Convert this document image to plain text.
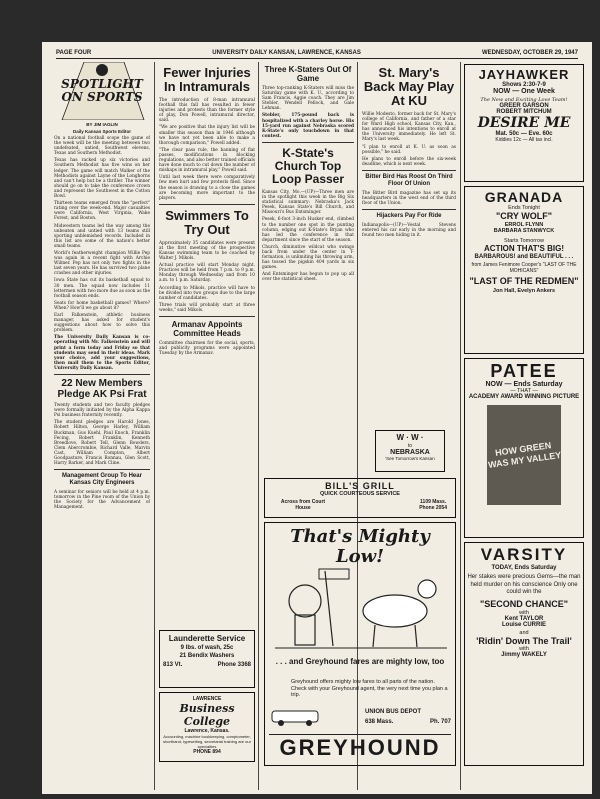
PAGE FOUR	UNIVERSITY DAILY KANSAN, LAWRENCE, KANSAS	WEDNESDAY, OCTOBER 29, 1947
SPOTLIGHT ON SPORTS
BY JIM IAGLIN
Daily Kansan Sports Editor

On a national football scope the game of the week will be the meeting between two undefeated, untied, Southwest elevens, Texas and Southern Methodist.

Texas has racked up six victories and Southern Methodist has five wins on her ledger. The game will match Walker of the Methodists against Layne of the Longhorns and can't help but be a thriller. The winner should go on to take the conference crown and represent the Southwest in the Cotton Bowl.

Thirteen teams emerged from the "perfect" rating over the week-end. Major casualties were California, West Virginia, Wake Forest, and Boston.

Midwestern teams led the way among the unbeaten and untied with 13 teams still sporting unblemished records. Included in this list are some of the nation's better small teams.

World's featherweight champion Willie Pep was again in a recent fight with Archie Wilmer. Pep has not only two fights in the last seven years. He has survived two plane crashes and other injuries.

Iowa State has cut its basketball squad to 30 men. The squad now includes 11 lettermen with two more due as soon as the football season ends.

Seats for home basketball games? Where? When? How'll we go about it?

Earl Falkenstein, athletic business manager, has asked for student's suggestions about how to solve this problem.

The University Daily Kansan is co-operating with Mr. Falkenstein and will print a form today and Friday so that students may send in their ideas. Mark your choice, add your suggestions, then mail them to the Sports Editor, University Daily Kansan.

22 New Members Pledge AK Psi Frat

Twenty students and two faculty pledges were formally initiated by the Alpha Kappa Psi business fraternity recently.

The student pledges are Harold Jones, Robert Hilton, George Harley, William Buckman, Gus Kuehl, Paul Enoch, Franklin Fecing, Robert Franklin, Kenneth Breedlove, Robert Tell, Glenn Bowders, Clem Abercrombie, Richard Valle, Marvin Cast, William Compton, Albert Goodpasture, Francis Ronnau, Glen Scott, Harry Barker, and Mark Cline.

Management Group To Hear Kansas City Engineers

A seminar for seniors will be held at 4 p.m. tomorrow in the Pine room of the Union by the Society for the Advancement of Management.

Fewer Injuries In Intramurals

The introduction of 8-man intramural football this fall has resulted in fewer injuries and protests than the former style of play, Don Powell, intramural director, said.

"We are positive that the injury list will be smaller this season than in 1946 although we have not yet been able to make a thorough comparison," Powell added.

"The clear pass rule, the banning of flat passes, modifications in blocking regulations, and also better trained officials have done much to cut down the number of mishaps in intramural play," Powell said.

Until last week there were comparatively few men hurt and few protests filed. Since the season is drawing to a close the games are becoming more important to the players.

Swimmers To Try Out

Approximately 35 candidates were present at the first meeting of the prospective Kansas swimming team to be coached by Walter J. Mikols.

Actual practice will start Monday night. Practices will be held from 7 p.m. to 9 p.m. Monday through Wednesday and from 10 a.m. to 1 p.m. Saturday.

According to Mikols, practice will have to be divided into two groups due to the large number of candidates.

Three trials will probably start at three weeks," said Mikols.

Armanav Appoints Committee Heads

Committee chairmen for the social, sports, and publicity programs were appointed Tuesday by the Armanav.

Launderette Service
9 lbs. of wash, 25c
21 Bendix Washers
813 Vt.	Phone 3368
LAWRENCE
Business College
Lawrence, Kansas.
Accounting, machine bookkeeping, comptometer, shorthand, typewriting, secretarial training are our specialties
PHONE 894
Three K-Staters Out Of Game

Three top-ranking K-Staters will miss the Saturday game with K. U., according to Sam Francis, Aggie coach. They are Jim Stebler, Wendell Pellock, and Gale Lehman.

Stebler, 175-pound back is hospitalized with a charley horse. His 15-yard run against Nebraska scored K-State's only touchdown in that contest.

K-State's Church Top Loop Passer

Kansas City, Mo.—(UP)—Three men are in the spotlight this week in the Big Six statistical summary: Nebraska's Jack Pesek, Kansas State's Bill Church, and Missouri's Bus Entsminger.

Pesek, 6-foot 3-inch Husker end, climbed to the number one spot in the punting column, edging out K-State's Bryan who has led the conference in that department since the start of the season.

Church, diminutive wildcat who swings back from under the center in T-formation, is unlimiting his throwing arm, has tossed the pigskin 404 yards in six games.

And Entsminger has begun to pop up all over the statistical sheet.

St. Mary's Back May Play At KU

Willie Modesto, former back for St. Mary's college of California, and father of a star for Ward High school, Kansas City, Kan., has announced his intentions to enroll at the University immediately. He left St. Mary's last week.

"I plan to enroll at K. U. as soon as possible," he said.

He plans to enroll before the six-week deadline, which is next week.

Bitter Bird Has Roost On Third Floor Of Union

The Bitter Bird magazine has set up its headquarters in the west end of the third floor of the Union.

Hijackers Pay For Ride

Indianapolis—(UP)—Vestal Stevens entered his car early in the morning and found two men hiding in it.

W · W ·
to
NEBRASKA
'See Tomorrow's Kansan
BILL'S GRILL
QUICK COURTEOUS SERVICE
Across from Court House
1109 Mass.
Phone 2054
That's Mighty Low!
. . . and Greyhound fares are mighty low, too
Greyhound offers mighty low fares to all parts of the nation. Check with your Greyhound agent, the very next time you plan a trip.
UNION BUS DEPOT
638 Mass.	Ph. 707
GREYHOUND
JAYHAWKER
Shows 2:30-7-9
NOW — One Week
The New and Exciting Love Team!
GREER GARSON
ROBERT MITCHUM
DESIRE ME
Mat. 50c — Eve. 60c
Kiddies 12c — All tax incl.
GRANADA
Ends Tonight
"CRY WOLF"
ERROL FLYNN
BARBARA STANWYCK
Starts Tomorrow
ACTION THAT'S BIG!
BARBAROUS! and BEAUTIFUL . . .
from James Fenimore Cooper's "LAST OF THE MOHICANS"
"LAST OF THE REDMEN"
Jon Hall, Evelyn Ankers
PATEE
NOW — Ends Saturday
— THAT —
ACADEMY AWARD WINNING PICTURE
HOW GREEN WAS MY VALLEY
VARSITY
TODAY, Ends Saturday
Her stakes were precious Gems—the man held murder on his conscience Only one could win the
"SECOND CHANCE"
with
Kent TAYLOR
Louise CURRIE
and
'Ridin' Down The Trail'
with
Jimmy WAKELY
